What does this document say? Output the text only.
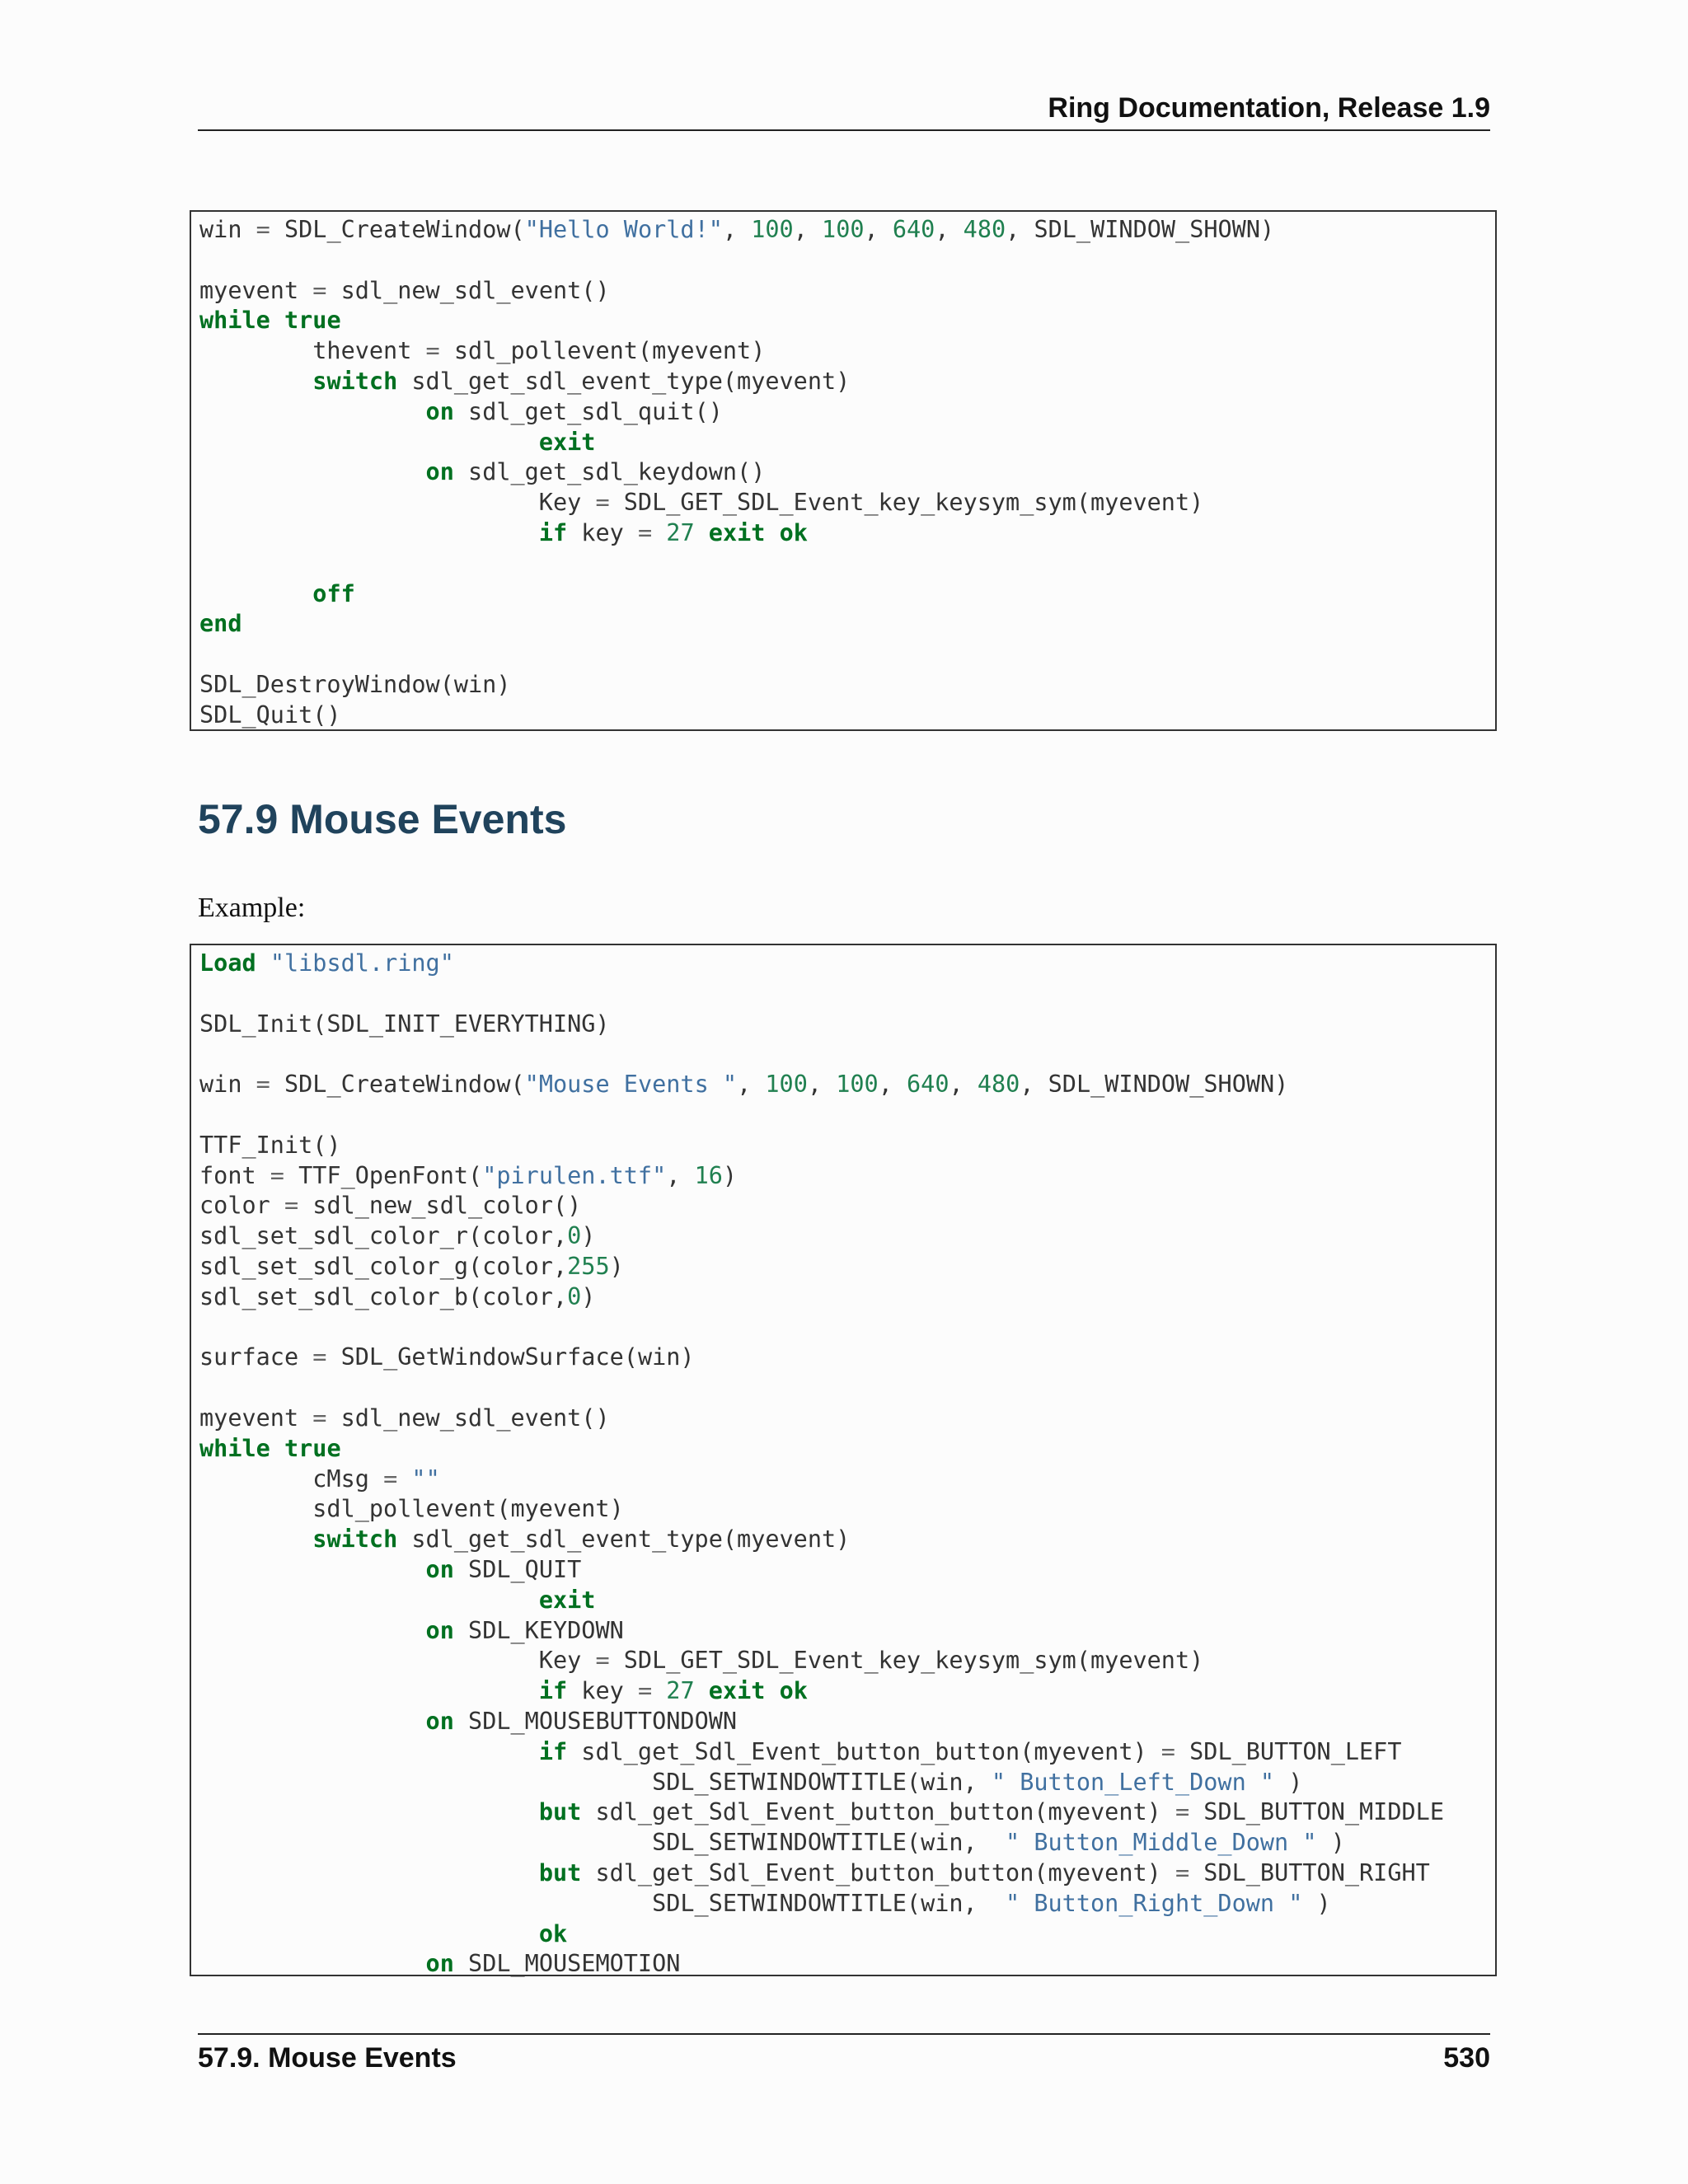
Ring Documentation, Release 1.9
win = SDL_CreateWindow("Hello World!", 100, 100, 640, 480, SDL_WINDOW_SHOWN)

myevent = sdl_new_sdl_event()
while true
thevent = sdl_pollevent(myevent)
switch sdl_get_sdl_event_type(myevent)
on sdl_get_sdl_quit()
exit
on sdl_get_sdl_keydown()
Key = SDL_GET_SDL_Event_key_keysym_sym(myevent)
if key = 27 exit ok

off
end

SDL_DestroyWindow(win)
SDL_Quit()
57.9 Mouse Events

Example:

Load "libsdl.ring"

SDL_Init(SDL_INIT_EVERYTHING)

win = SDL_CreateWindow("Mouse Events ", 100, 100, 640, 480, SDL_WINDOW_SHOWN)

TTF_Init()
font = TTF_OpenFont("pirulen.ttf", 16)
color = sdl_new_sdl_color()
sdl_set_sdl_color_r(color,0)
sdl_set_sdl_color_g(color,255)
sdl_set_sdl_color_b(color,0)

surface = SDL_GetWindowSurface(win)

myevent = sdl_new_sdl_event()
while true
cMsg = ""
sdl_pollevent(myevent)
switch sdl_get_sdl_event_type(myevent)
on SDL_QUIT
exit
on SDL_KEYDOWN
Key = SDL_GET_SDL_Event_key_keysym_sym(myevent)
if key = 27 exit ok
on SDL_MOUSEBUTTONDOWN
if sdl_get_Sdl_Event_button_button(myevent) = SDL_BUTTON_LEFT
SDL_SETWINDOWTITLE(win, " Button_Left_Down " )
but sdl_get_Sdl_Event_button_button(myevent) = SDL_BUTTON_MIDDLE
SDL_SETWINDOWTITLE(win,  " Button_Middle_Down " )
but sdl_get_Sdl_Event_button_button(myevent) = SDL_BUTTON_RIGHT
SDL_SETWINDOWTITLE(win,  " Button_Right_Down " )
ok
on SDL_MOUSEMOTION
57.9. Mouse Events	530
